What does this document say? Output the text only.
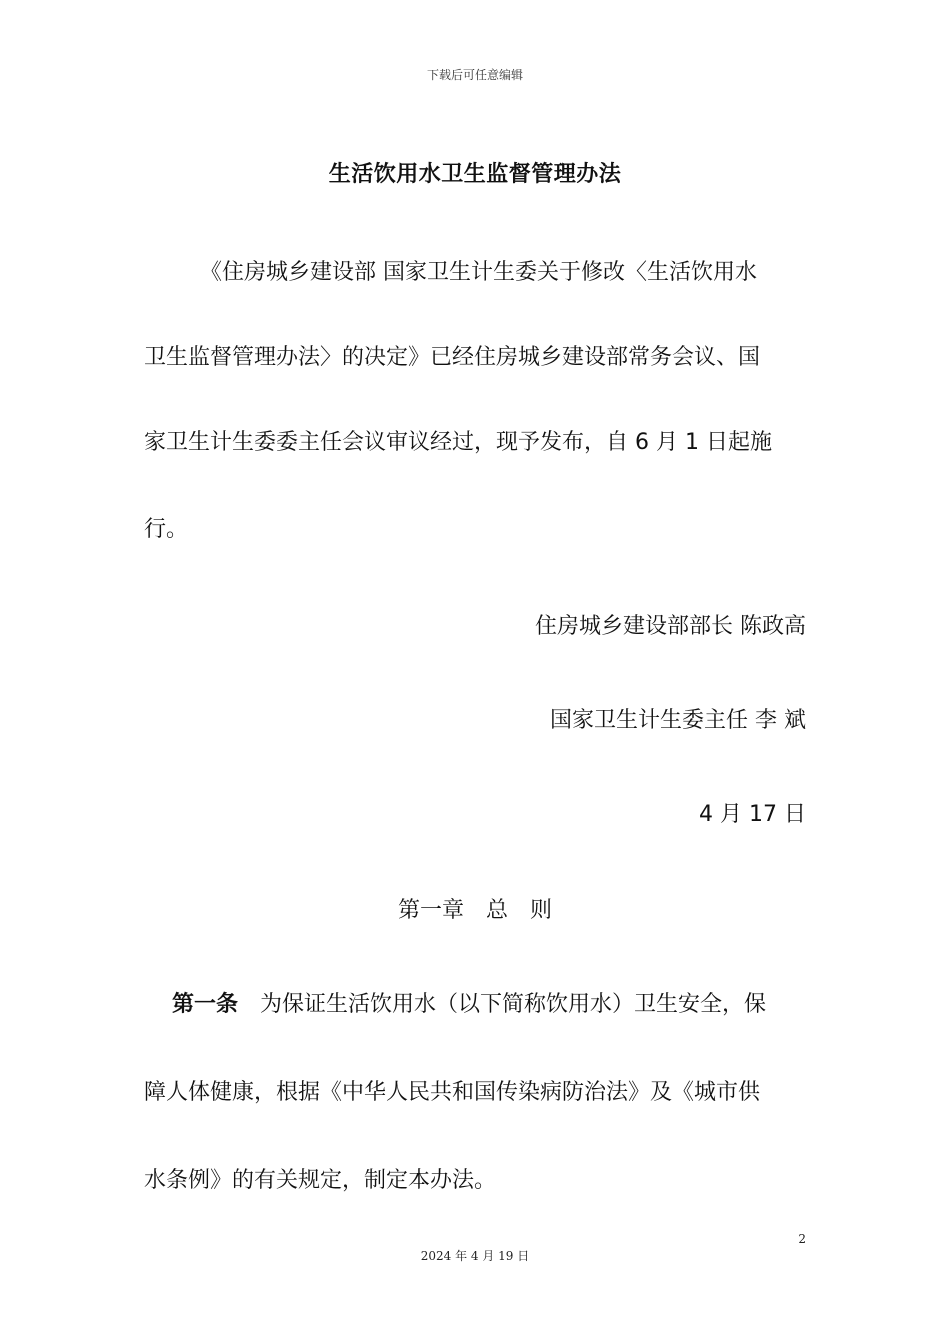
下载后可任意编辑
生活饮用水卫生监督管理办法
《住房城乡建设部 国家卫生计生委关于修改〈生活饮用水
卫生监督管理办法〉的决定》已经住房城乡建设部常务会议、国
家卫生计生委委主任会议审议经过，现予发布，自 6 月 1 日起施
行。
住房城乡建设部部长 陈政高
国家卫生计生委主任 李 斌
4 月 17 日
第一章　总　则
第一条　为保证生活饮用水（以下简称饮用水）卫生安全，保
障人体健康，根据《中华人民共和国传染病防治法》及《城市供
水条例》的有关规定，制定本办法。
2
2024 年 4 月 19 日
